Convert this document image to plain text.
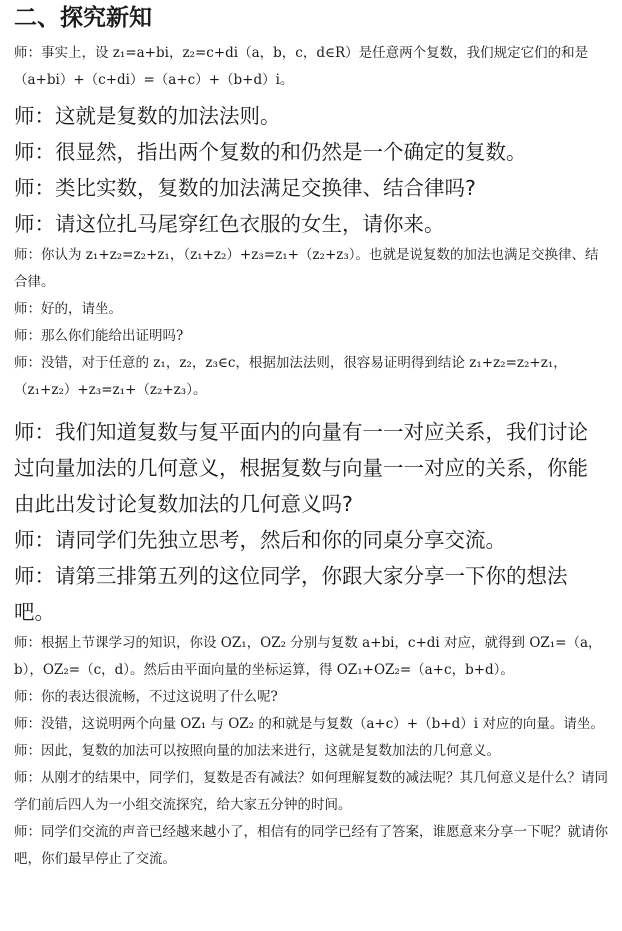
二、探究新知

师：事实上，设 z₁=a+bi，z₂=c+di（a，b，c，d∈R）是任意两个复数，我们规定它们的和是（a+bi）+（c+di）=（a+c）+（b+d）i。

师：这就是复数的加法法则。

师：很显然，指出两个复数的和仍然是一个确定的复数。

师：类比实数，复数的加法满足交换律、结合律吗?

师：请这位扎马尾穿红色衣服的女生，请你来。

师：你认为 z₁+z₂=z₂+z₁，（z₁+z₂）+z₃=z₁+（z₂+z₃）。也就是说复数的加法也满足交换律、结合律。

师：好的，请坐。

师：那么你们能给出证明吗?

师：没错，对于任意的 z₁，z₂，z₃∈c，根据加法法则，很容易证明得到结论 z₁+z₂=z₂+z₁，（z₁+z₂）+z₃=z₁+（z₂+z₃）。

师：我们知道复数与复平面内的向量有一一对应关系，我们讨论过向量加法的几何意义，根据复数与向量一一对应的关系，你能由此出发讨论复数加法的几何意义吗?

师：请同学们先独立思考，然后和你的同桌分享交流。

师：请第三排第五列的这位同学，你跟大家分享一下你的想法吧。

师：根据上节课学习的知识，你设 OZ₁，OZ₂ 分别与复数 a+bi，c+di 对应，就得到 OZ₁=（a，b），OZ₂=（c，d）。然后由平面向量的坐标运算，得 OZ₁+OZ₂=（a+c，b+d）。

师：你的表达很流畅，不过这说明了什么呢?

师：没错，这说明两个向量 OZ₁ 与 OZ₂ 的和就是与复数（a+c）+（b+d）i 对应的向量。请坐。

师：因此，复数的加法可以按照向量的加法来进行，这就是复数加法的几何意义。

师：从刚才的结果中，同学们，复数是否有减法？如何理解复数的减法呢？其几何意义是什么？请同学们前后四人为一小组交流探究，给大家五分钟的时间。

师：同学们交流的声音已经越来越小了，相信有的同学已经有了答案，谁愿意来分享一下呢？就请你吧，你们最早停止了交流。
